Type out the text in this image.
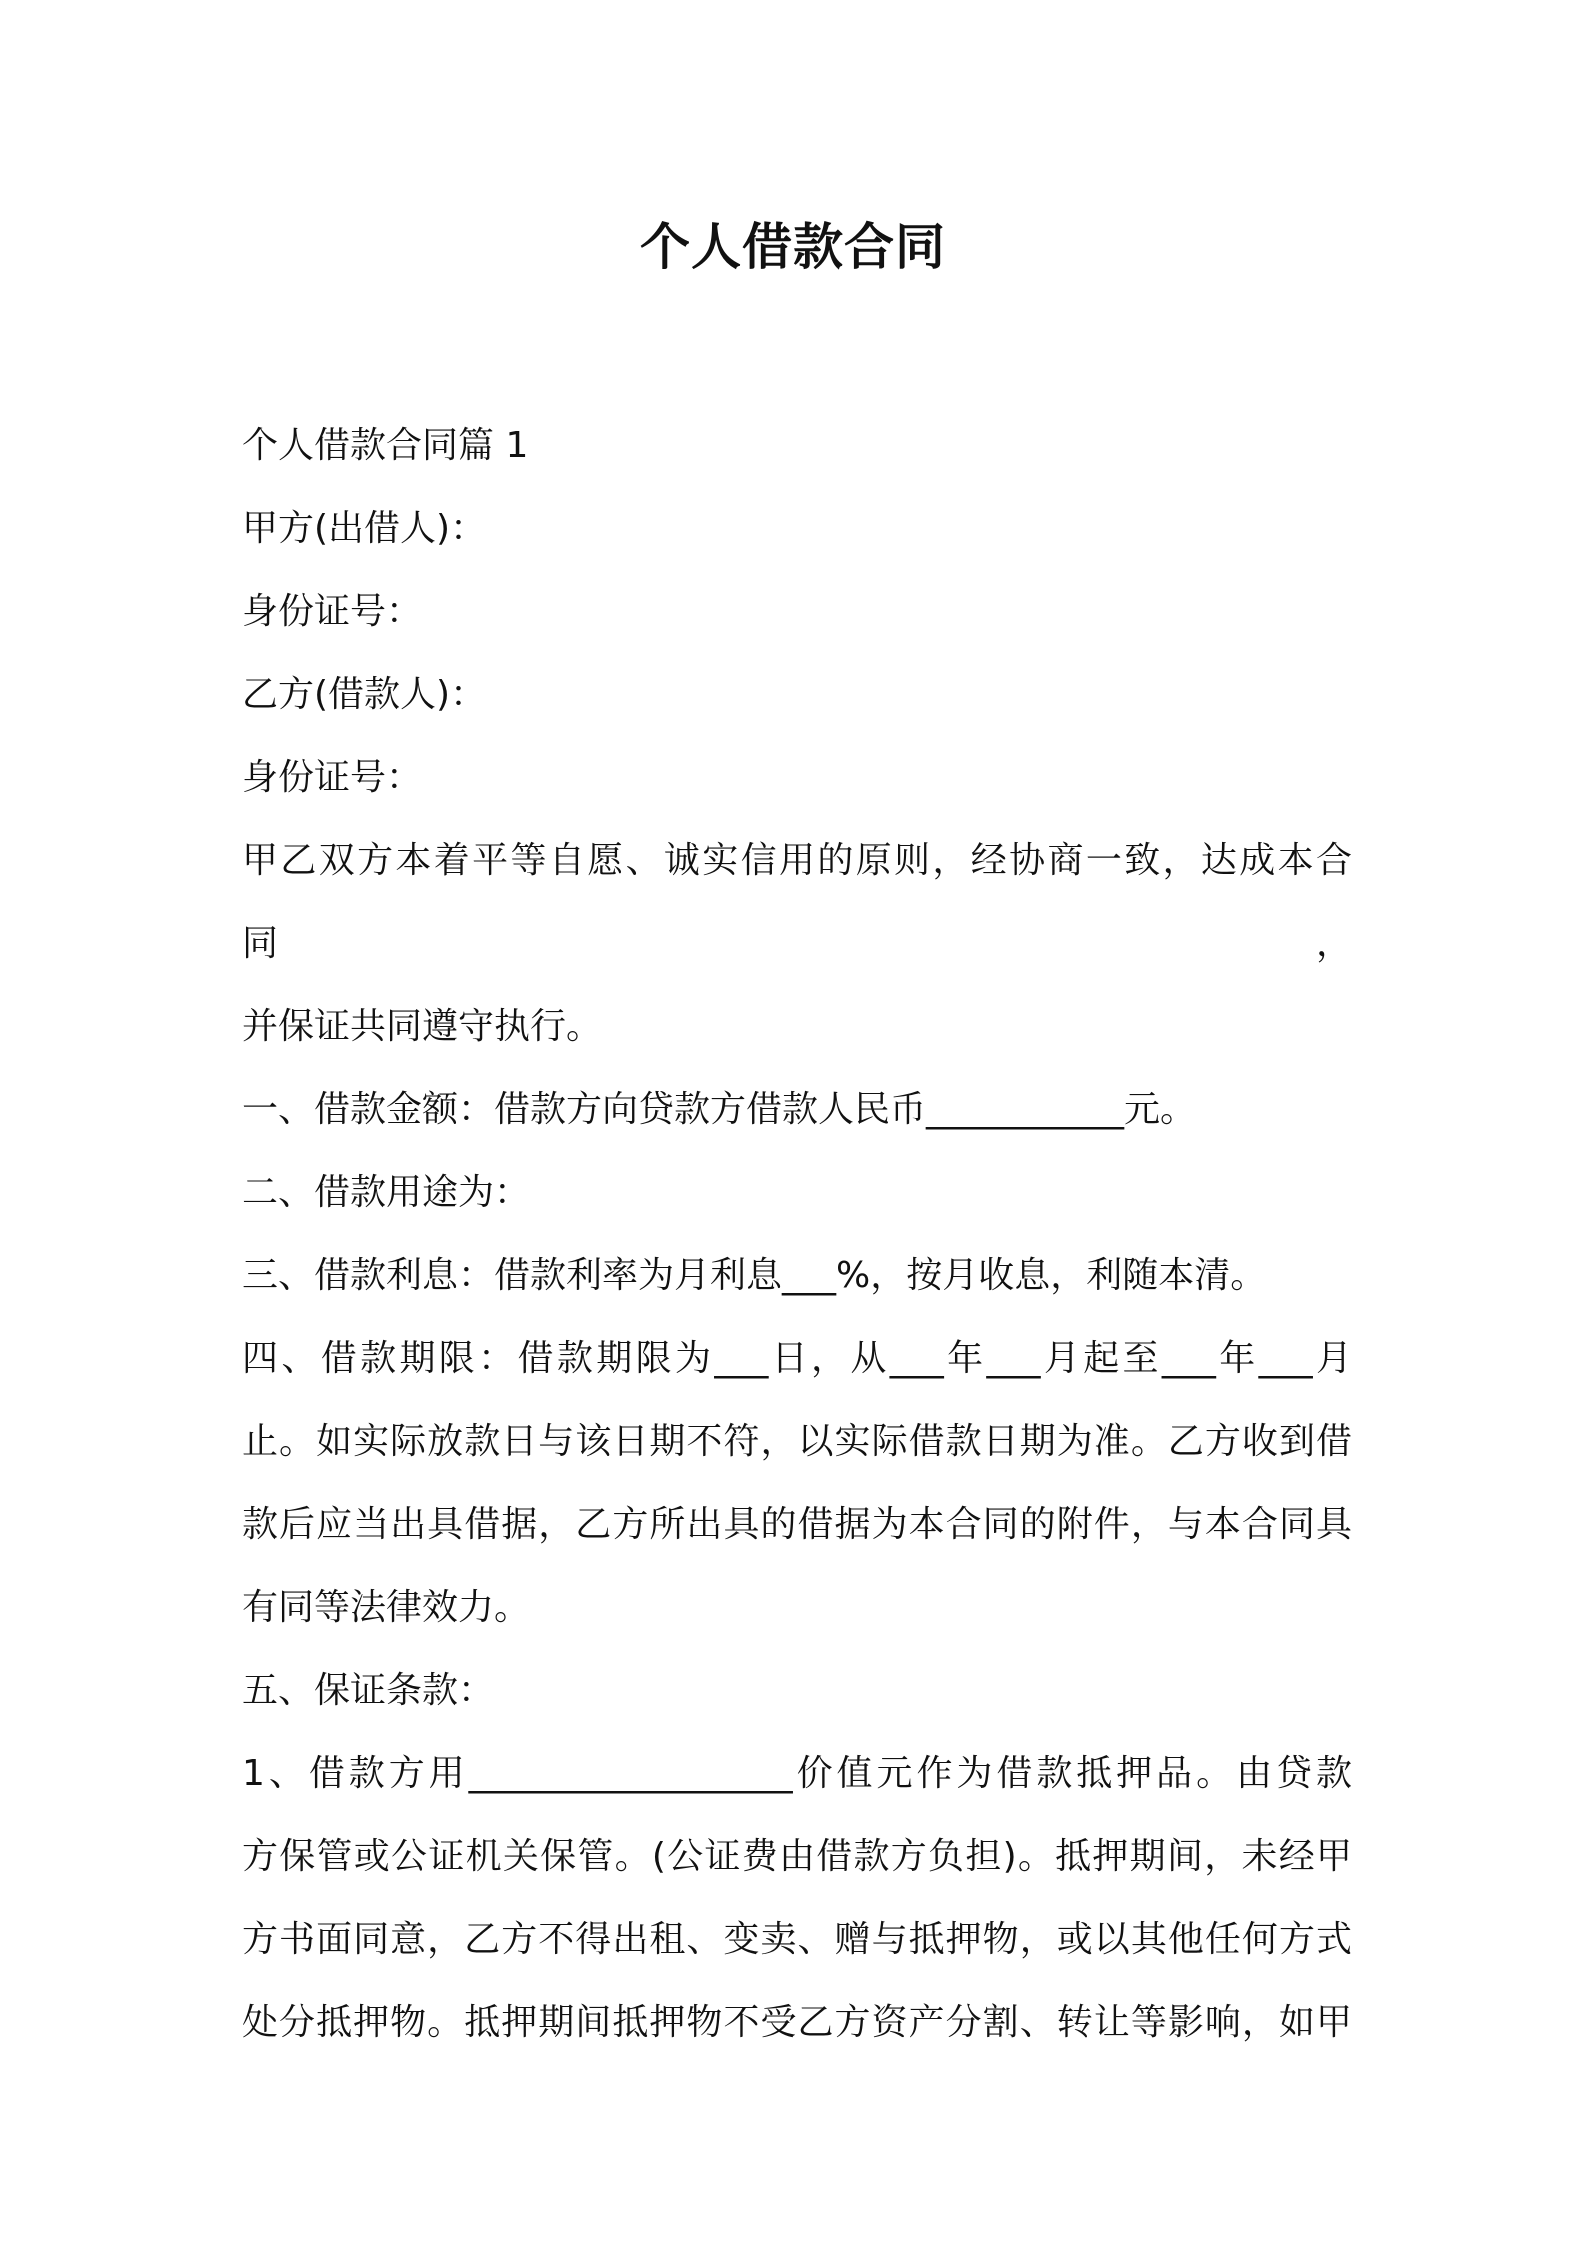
个人借款合同

个人借款合同篇 1

甲方(出借人)：

身份证号：

乙方(借款人)：

身份证号：

甲乙双方本着平等自愿、诚实信用的原则，经协商一致，达成本合同，
并保证共同遵守执行。

一、借款金额：借款方向贷款方借款人民币___________元。

二、借款用途为：

三、借款利息：借款利率为月利息___%，按月收息，利随本清。

四、借款期限：借款期限为___日，从___年___月起至___年___月
止。如实际放款日与该日期不符，以实际借款日期为准。乙方收到借
款后应当出具借据，乙方所出具的借据为本合同的附件，与本合同具
有同等法律效力。

五、保证条款：

1、借款方用__________________价值元作为借款抵押品。由贷款
方保管或公证机关保管。(公证费由借款方负担)。抵押期间，未经甲
方书面同意，乙方不得出租、变卖、赠与抵押物，或以其他任何方式
处分抵押物。抵押期间抵押物不受乙方资产分割、转让等影响，如甲
